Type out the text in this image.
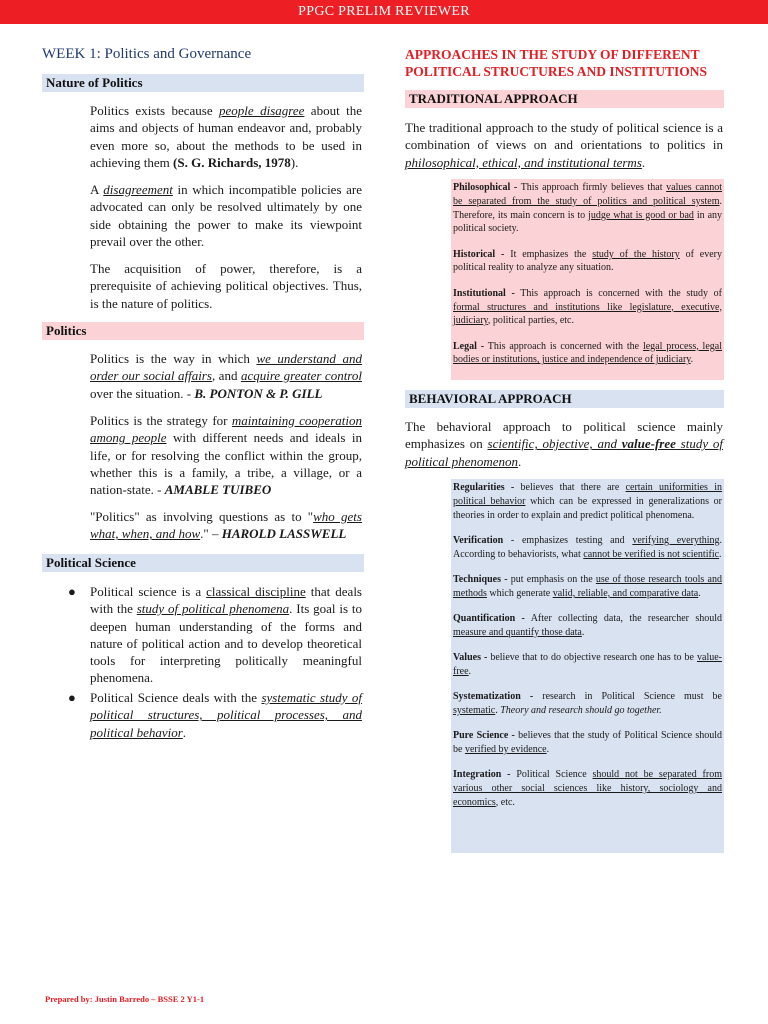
PPGC PRELIM REVIEWER
WEEK 1: Politics and Governance
Nature of Politics
Politics exists because people disagree about the aims and objects of human endeavor and, probably even more so, about the methods to be used in achieving them (S. G. Richards, 1978).
A disagreement in which incompatible policies are advocated can only be resolved ultimately by one side obtaining the power to make its viewpoint prevail over the other.
The acquisition of power, therefore, is a prerequisite of achieving political objectives. Thus, is the nature of politics.
Politics
Politics is the way in which we understand and order our social affairs, and acquire greater control over the situation. - B. PONTON & P. GILL
Politics is the strategy for maintaining cooperation among people with different needs and ideals in life, or for resolving the conflict within the group, whether this is a family, a tribe, a village, or a nation-state. - AMABLE TUIBEO
"Politics" as involving questions as to "who gets what, when, and how." – HAROLD LASSWELL
Political Science
● Political science is a classical discipline that deals with the study of political phenomena. Its goal is to deepen human understanding of the forms and nature of political action and to develop theoretical tools for interpreting politically meaningful phenomena.
● Political Science deals with the systematic study of political structures, political processes, and political behavior.
APPROACHES IN THE STUDY OF DIFFERENT POLITICAL STRUCTURES AND INSTITUTIONS
TRADITIONAL APPROACH
The traditional approach to the study of political science is a combination of views on and orientations to politics in philosophical, ethical, and institutional terms.

Philosophical - This approach firmly believes that values cannot be separated from the study of politics and political system. Therefore, its main concern is to judge what is good or bad in any political society.

Historical - It emphasizes the study of the history of every political reality to analyze any situation.

Institutional - This approach is concerned with the study of formal structures and institutions like legislature, executive, judiciary, political parties, etc.

Legal - This approach is concerned with the legal process, legal bodies or institutions, justice and independence of judiciary.

BEHAVIORAL APPROACH
The behavioral approach to political science mainly emphasizes on scientific, objective, and value-free study of political phenomenon.

Regularities - believes that there are certain uniformities in political behavior which can be expressed in generalizations or theories in order to explain and predict political phenomena.

Verification - emphasizes testing and verifying everything. According to behaviorists, what cannot be verified is not scientific.

Techniques - put emphasis on the use of those research tools and methods which generate valid, reliable, and comparative data.

Quantification - After collecting data, the researcher should measure and quantify those data.

Values - believe that to do objective research one has to be value-free.

Systematization - research in Political Science must be systematic. Theory and research should go together.

Pure Science - believes that the study of Political Science should be verified by evidence.

Integration - Political Science should not be separated from various other social sciences like history, sociology and economics, etc.

Prepared by: Justin Barredo – BSSE 2 Y1-1
